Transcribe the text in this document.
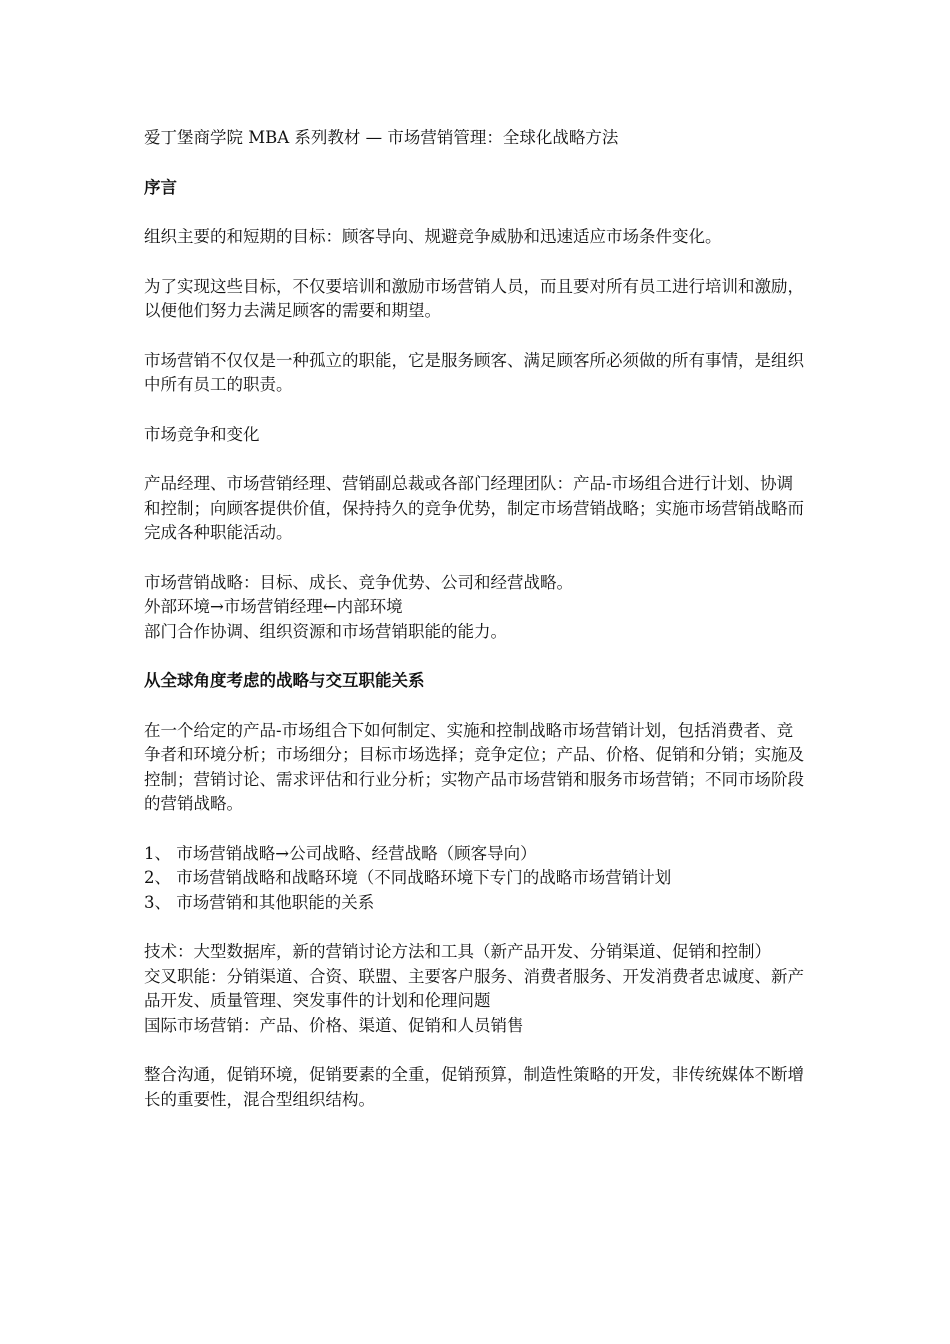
爱丁堡商学院 MBA 系列教材 — 市场营销管理：全球化战略方法

序言

组织主要的和短期的目标：顾客导向、规避竞争威胁和迅速适应市场条件变化。

为了实现这些目标，不仅要培训和激励市场营销人员，而且要对所有员工进行培训和激励，以便他们努力去满足顾客的需要和期望。

市场营销不仅仅是一种孤立的职能，它是服务顾客、满足顾客所必须做的所有事情，是组织中所有员工的职责。

市场竞争和变化

产品经理、市场营销经理、营销副总裁或各部门经理团队：产品-市场组合进行计划、协调和控制；向顾客提供价值，保持持久的竞争优势，制定市场营销战略；实施市场营销战略而完成各种职能活动。

市场营销战略：目标、成长、竞争优势、公司和经营战略。

外部环境→市场营销经理←内部环境

部门合作协调、组织资源和市场营销职能的能力。

从全球角度考虑的战略与交互职能关系

在一个给定的产品-市场组合下如何制定、实施和控制战略市场营销计划，包括消费者、竞争者和环境分析；市场细分；目标市场选择；竞争定位；产品、价格、促销和分销；实施及控制；营销讨论、需求评估和行业分析；实物产品市场营销和服务市场营销；不同市场阶段的营销战略。

1、 市场营销战略→公司战略、经营战略（顾客导向）

2、 市场营销战略和战略环境（不同战略环境下专门的战略市场营销计划

3、 市场营销和其他职能的关系

技术：大型数据库，新的营销讨论方法和工具（新产品开发、分销渠道、促销和控制）

交叉职能：分销渠道、合资、联盟、主要客户服务、消费者服务、开发消费者忠诚度、新产品开发、质量管理、突发事件的计划和伦理问题

国际市场营销：产品、价格、渠道、促销和人员销售

整合沟通，促销环境，促销要素的全重，促销预算，制造性策略的开发，非传统媒体不断增长的重要性，混合型组织结构。
